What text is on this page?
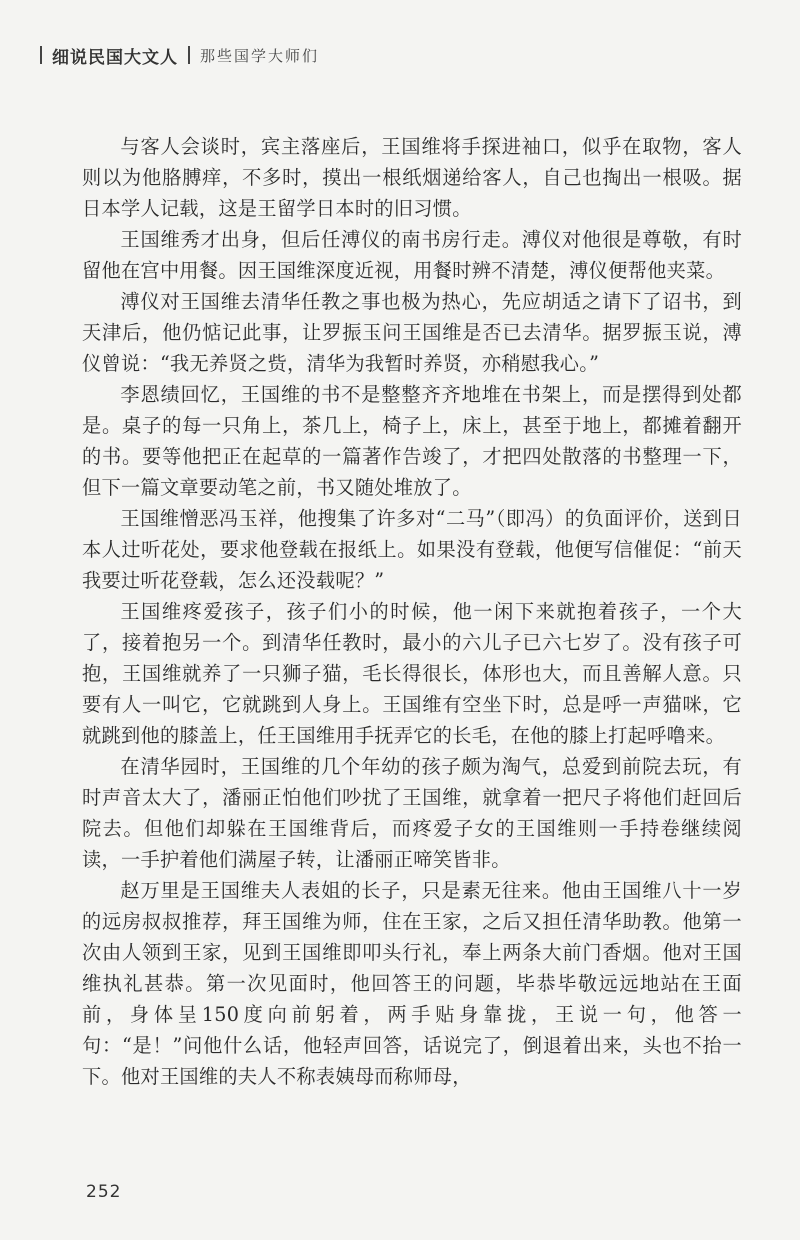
细说民国大文人 那些国学大师们

与客人会谈时，宾主落座后，王国维将手探进袖口，似乎在取物，客人则以为他胳膊痒，不多时，摸出一根纸烟递给客人，自己也掏出一根吸。据日本学人记载，这是王留学日本时的旧习惯。

王国维秀才出身，但后任溥仪的南书房行走。溥仪对他很是尊敬，有时留他在宫中用餐。因王国维深度近视，用餐时辨不清楚，溥仪便帮他夹菜。

溥仪对王国维去清华任教之事也极为热心，先应胡适之请下了诏书，到天津后，他仍惦记此事，让罗振玉问王国维是否已去清华。据罗振玉说，溥仪曾说：“我无养贤之赀，清华为我暂时养贤，亦稍慰我心。”

李恩绩回忆，王国维的书不是整整齐齐地堆在书架上，而是摆得到处都是。桌子的每一只角上，茶几上，椅子上，床上，甚至于地上，都摊着翻开的书。要等他把正在起草的一篇著作告竣了，才把四处散落的书整理一下，但下一篇文章要动笔之前，书又随处堆放了。

王国维憎恶冯玉祥，他搜集了许多对“二马”（即冯）的负面评价，送到日本人辻听花处，要求他登载在报纸上。如果没有登载，他便写信催促：“前天我要辻听花登载，怎么还没载呢？”

王国维疼爱孩子，孩子们小的时候，他一闲下来就抱着孩子，一个大了，接着抱另一个。到清华任教时，最小的六儿子已六七岁了。没有孩子可抱，王国维就养了一只狮子猫，毛长得很长，体形也大，而且善解人意。只要有人一叫它，它就跳到人身上。王国维有空坐下时，总是呼一声猫咪，它就跳到他的膝盖上，任王国维用手抚弄它的长毛，在他的膝上打起呼噜来。

在清华园时，王国维的几个年幼的孩子颇为淘气，总爱到前院去玩，有时声音太大了，潘丽正怕他们吵扰了王国维，就拿着一把尺子将他们赶回后院去。但他们却躲在王国维背后，而疼爱子女的王国维则一手持卷继续阅读，一手护着他们满屋子转，让潘丽正啼笑皆非。

赵万里是王国维夫人表姐的长子，只是素无往来。他由王国维八十一岁的远房叔叔推荐，拜王国维为师，住在王家，之后又担任清华助教。他第一次由人领到王家，见到王国维即叩头行礼，奉上两条大前门香烟。他对王国维执礼甚恭。第一次见面时，他回答王的问题，毕恭毕敬远远地站在王面前，身体呈150度向前躬着，两手贴身靠拢，王说一句，他答一句：“是！”问他什么话，他轻声回答，话说完了，倒退着出来，头也不抬一下。他对王国维的夫人不称表姨母而称师母，

252
